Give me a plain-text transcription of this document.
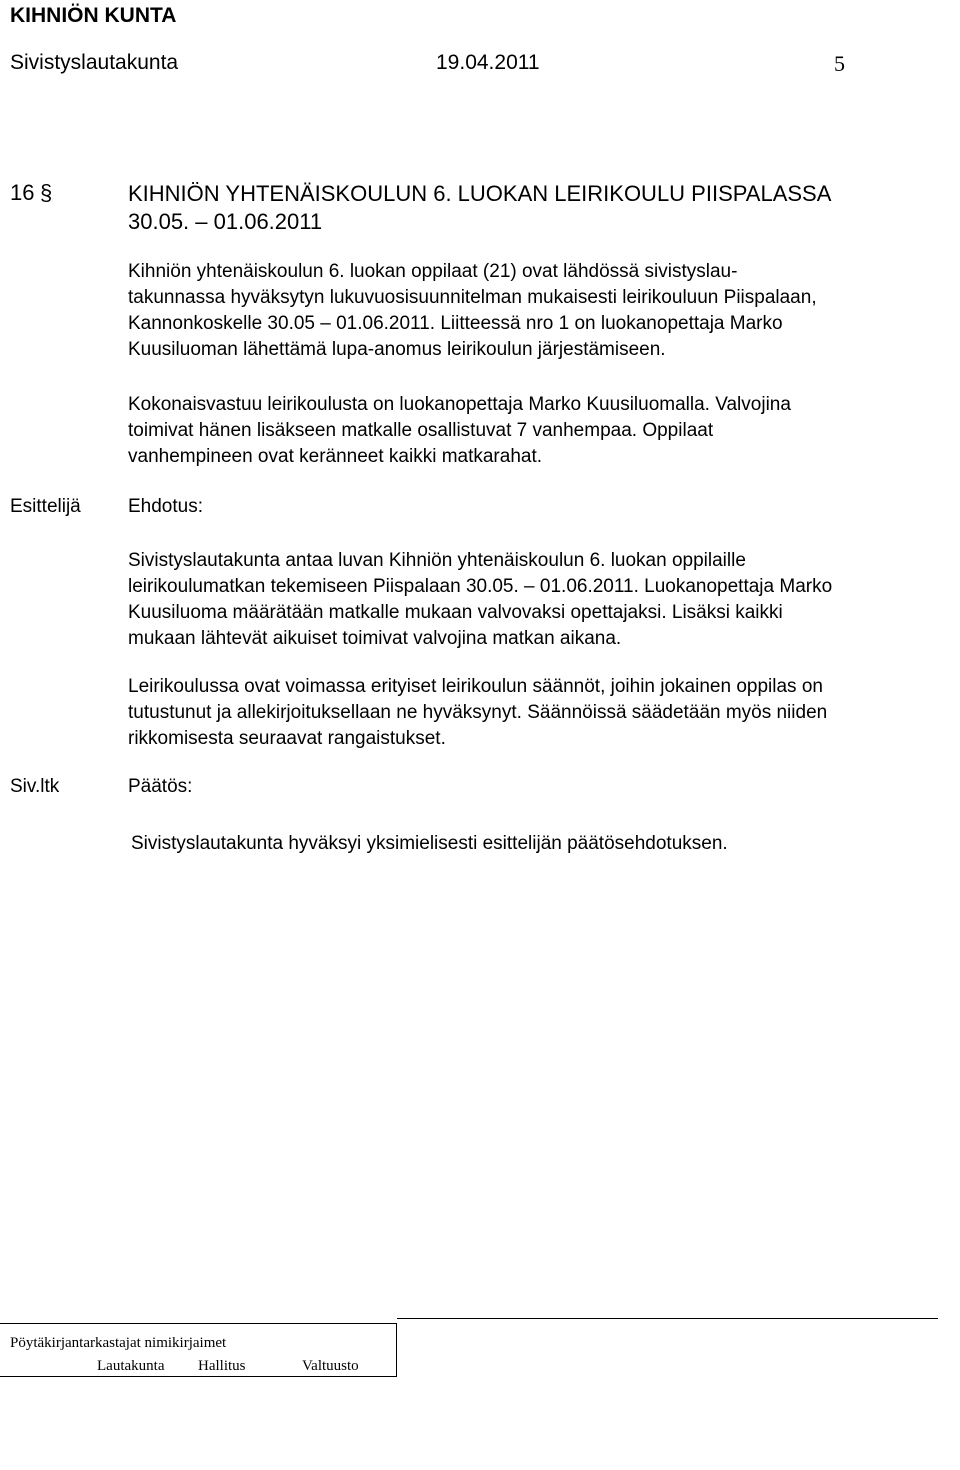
KIHNIÖN KUNTA
Sivistyslautakunta	19.04.2011	5
16 §	KIHNIÖN YHTENÄISKOULUN 6. LUOKAN LEIRIKOULU PIISPALASSA
30.05. – 01.06.2011
Kihniön yhtenäiskoulun 6. luokan oppilaat (21) ovat lähdössä sivistyslau-
takunnassa hyväksytyn lukuvuosisuunnitelman mukaisesti leirikouluun Piispalaan,
Kannonkoskelle 30.05 – 01.06.2011. Liitteessä nro 1 on luokanopettaja Marko
Kuusiluoman lähettämä lupa-anomus leirikoulun järjestämiseen.
Kokonaisvastuu leirikoulusta on luokanopettaja Marko Kuusiluomalla. Valvojina
toimivat hänen lisäkseen matkalle osallistuvat 7 vanhempaa. Oppilaat
vanhempineen ovat keränneet kaikki matkarahat.
Esittelijä Ehdotus:
Sivistyslautakunta antaa luvan Kihniön yhtenäiskoulun 6. luokan oppilaille
leirikoulumatkan tekemiseen Piispalaan 30.05. – 01.06.2011. Luokanopettaja Marko
Kuusiluoma määrätään matkalle mukaan valvovaksi opettajaksi. Lisäksi kaikki
mukaan lähtevät aikuiset toimivat valvojina matkan aikana.
Leirikoulussa ovat voimassa erityiset leirikoulun säännöt, joihin jokainen oppilas on
tutustunut ja allekirjoituksellaan ne hyväksynyt. Säännöissä säädetään myös niiden
rikkomisesta seuraavat rangaistukset.
Siv.ltk	Päätös:
Sivistyslautakunta hyväksyi yksimielisesti esittelijän päätösehdotuksen.
Pöytäkirjantarkastajat nimikirjaimet
Lautakunta Hallitus	Valtuusto
